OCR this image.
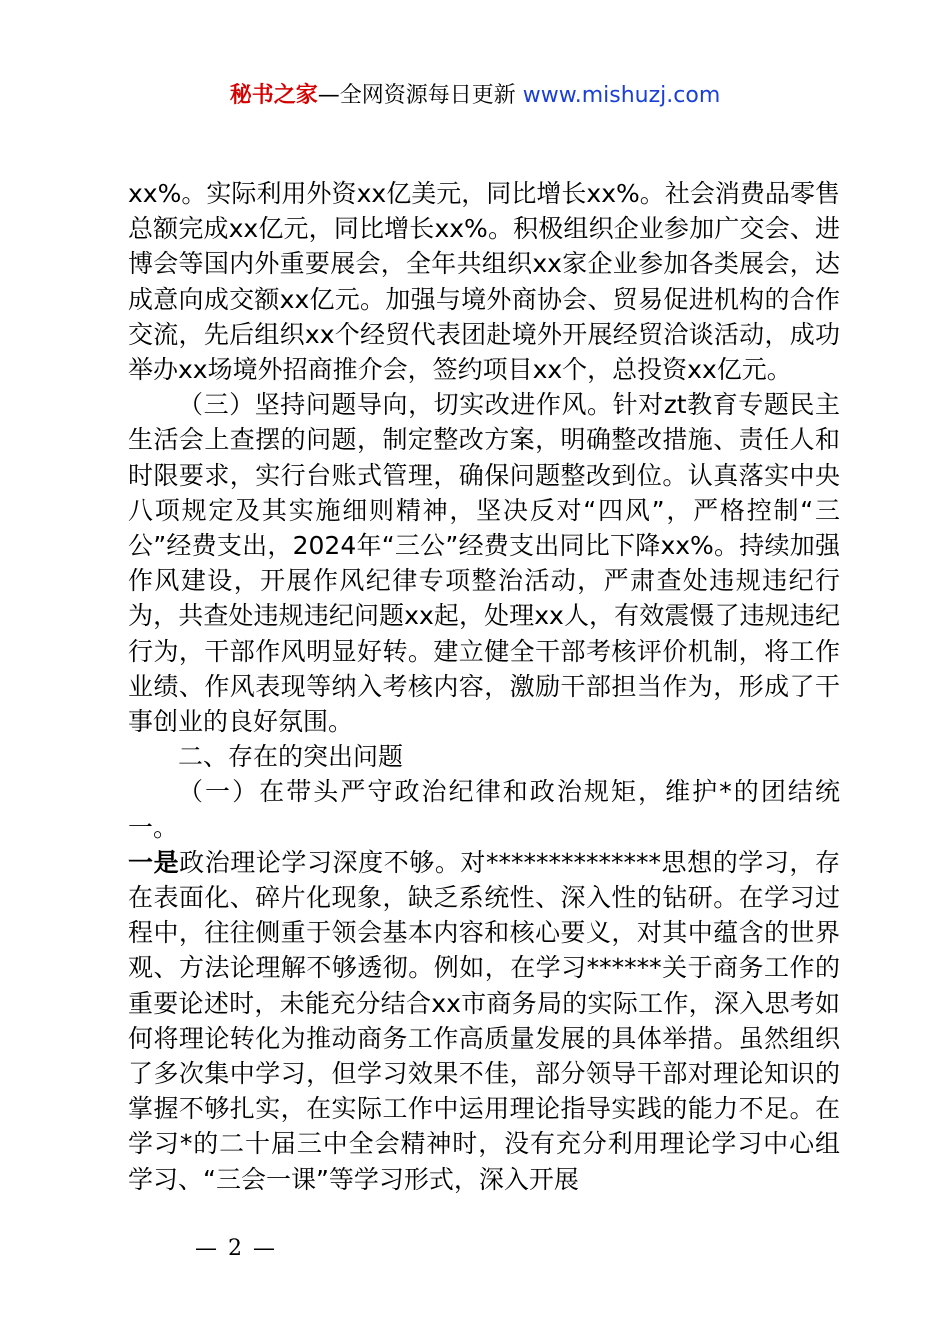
秘书之家—全网资源每日更新 www.mishuzj.com

xx%。实际利用外资xx亿美元，同比增长xx%。社会消费品零售总额完成xx亿元，同比增长xx%。积极组织企业参加广交会、进博会等国内外重要展会，全年共组织xx家企业参加各类展会，达成意向成交额xx亿元。加强与境外商协会、贸易促进机构的合作交流，先后组织xx个经贸代表团赴境外开展经贸洽谈活动，成功举办xx场境外招商推介会，签约项目xx个，总投资xx亿元。

（三）坚持问题导向，切实改进作风。针对zt教育专题民主生活会上查摆的问题，制定整改方案，明确整改措施、责任人和时限要求，实行台账式管理，确保问题整改到位。认真落实中央八项规定及其实施细则精神，坚决反对“四风”，严格控制“三公”经费支出，2024年“三公”经费支出同比下降xx%。持续加强作风建设，开展作风纪律专项整治活动，严肃查处违规违纪行为，共查处违规违纪问题xx起，处理xx人，有效震慑了违规违纪行为，干部作风明显好转。建立健全干部考核评价机制，将工作业绩、作风表现等纳入考核内容，激励干部担当作为，形成了干事创业的良好氛围。

二、存在的突出问题

（一）在带头严守政治纪律和政治规矩，维护*的团结统一。

一是政治理论学习深度不够。对**************思想的学习，存在表面化、碎片化现象，缺乏系统性、深入性的钻研。在学习过程中，往往侧重于领会基本内容和核心要义，对其中蕴含的世界观、方法论理解不够透彻。例如，在学习******关于商务工作的重要论述时，未能充分结合xx市商务局的实际工作，深入思考如何将理论转化为推动商务工作高质量发展的具体举措。虽然组织了多次集中学习，但学习效果不佳，部分领导干部对理论知识的掌握不够扎实，在实际工作中运用理论指导实践的能力不足。在学习*的二十届三中全会精神时，没有充分利用理论学习中心组学习、“三会一课”等学习形式，深入开展

— 2 —
